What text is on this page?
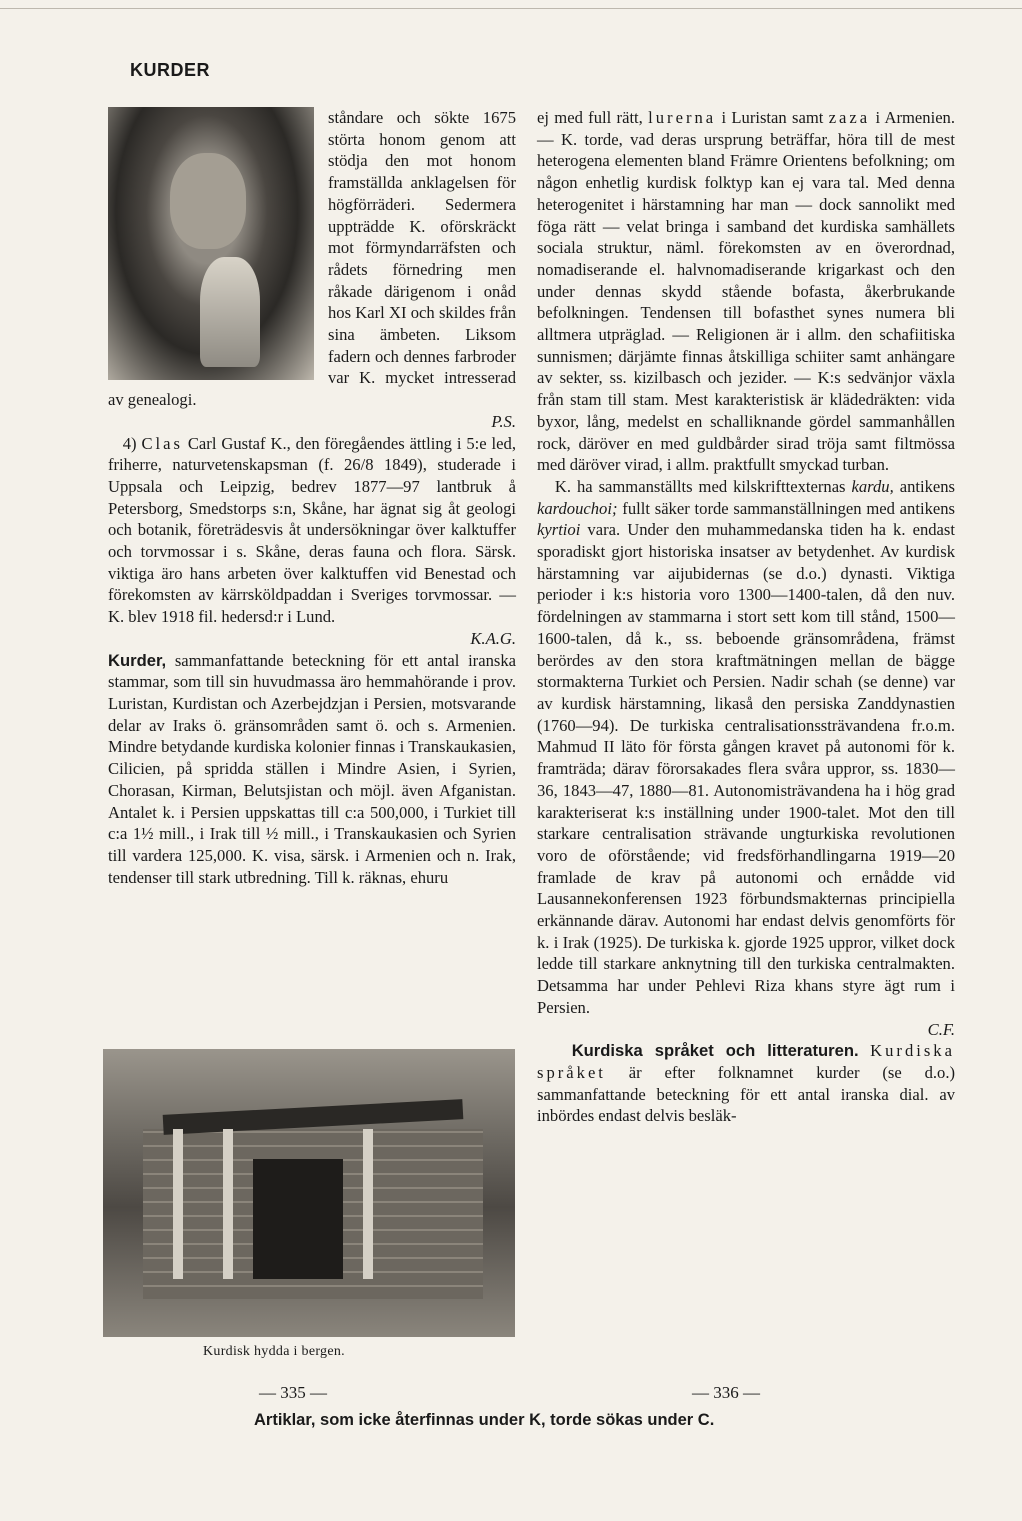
KURDER

ståndare och sökte 1675 störta honom genom att stödja den mot honom framställda anklagelsen för högförräderi. Sedermera uppträdde K. oförskräckt mot förmyndarräfsten och rådets förnedring men råkade därigenom i onåd hos Karl XI och skildes från sina ämbeten. Liksom fadern och dennes farbroder var K. mycket intresserad av genealogi.

P.S.

4) Clas Carl Gustaf K., den föregåendes ättling i 5:e led, friherre, naturvetenskapsman (f. 26/8 1849), studerade i Uppsala och Leipzig, bedrev 1877—97 lantbruk å Petersborg, Smedstorps s:n, Skåne, har ägnat sig åt geologi och botanik, företrädesvis åt undersökningar över kalktuffer och torvmossar i s. Skåne, deras fauna och flora. Särsk. viktiga äro hans arbeten över kalktuffen vid Benestad och förekomsten av kärrsköldpaddan i Sveriges torvmossar. — K. blev 1918 fil. hedersd:r i Lund.

K.A.G.

Kurder, sammanfattande beteckning för ett antal iranska stammar, som till sin huvudmassa äro hemmahörande i prov. Luristan, Kurdistan och Azerbejdzjan i Persien, motsvarande delar av Iraks ö. gränsområden samt ö. och s. Armenien. Mindre betydande kurdiska kolonier finnas i Transkaukasien, Cilicien, på spridda ställen i Mindre Asien, i Syrien, Chorasan, Kirman, Belutsjistan och möjl. även Afganistan. Antalet k. i Persien uppskattas till c:a 500,000, i Turkiet till c:a 1½ mill., i Irak till ½ mill., i Transkaukasien och Syrien till vardera 125,000. K. visa, särsk. i Armenien och n. Irak, tendenser till stark utbredning. Till k. räknas, ehuru

Kurdisk hydda i bergen.

ej med full rätt, lurerna i Luristan samt zaza i Armenien. — K. torde, vad deras ursprung beträffar, höra till de mest heterogena elementen bland Främre Orientens befolkning; om någon enhetlig kurdisk folktyp kan ej vara tal. Med denna heterogenitet i härstamning har man — dock sannolikt med föga rätt — velat bringa i samband det kurdiska samhällets sociala struktur, näml. förekomsten av en överordnad, nomadiserande el. halvnomadiserande krigarkast och den under dennas skydd stående bofasta, åkerbrukande befolkningen. Tendensen till bofasthet synes numera bli alltmera utpräglad. — Religionen är i allm. den schafiitiska sunnismen; därjämte finnas åtskilliga schiiter samt anhängare av sekter, ss. kizilbasch och jezider. — K:s sedvänjor växla från stam till stam. Mest karakteristisk är klädedräkten: vida byxor, lång, medelst en schalliknande gördel sammanhållen rock, däröver en med guldbårder sirad tröja samt filtmössa med däröver virad, i allm. praktfullt smyckad turban.

K. ha sammanställts med kilskrifttexternas kardu, antikens kardouchoi; fullt säker torde sammanställningen med antikens kyrtioi vara. Under den muhammedanska tiden ha k. endast sporadiskt gjort historiska insatser av betydenhet. Av kurdisk härstamning var aijubidernas (se d.o.) dynasti. Viktiga perioder i k:s historia voro 1300—1400-talen, då den nuv. fördelningen av stammarna i stort sett kom till stånd, 1500—1600-talen, då k., ss. beboende gränsområdena, främst berördes av den stora kraftmätningen mellan de bägge stormakterna Turkiet och Persien. Nadir schah (se denne) var av kurdisk härstamning, likaså den persiska Zanddynastien (1760—94). De turkiska centralisationssträvandena fr.o.m. Mahmud II läto för första gången kravet på autonomi för k. framträda; därav förorsakades flera svåra uppror, ss. 1830—36, 1843—47, 1880—81. Autonomisträvandena ha i hög grad karakteriserat k:s inställning under 1900-talet. Mot den till starkare centralisation strävande ungturkiska revolutionen voro de oförstående; vid fredsförhandlingarna 1919—20 framlade de krav på autonomi och ernådde vid Lausannekonferensen 1923 förbundsmakternas principiella erkännande därav. Autonomi har endast delvis genomförts för k. i Irak (1925). De turkiska k. gjorde 1925 uppror, vilket dock ledde till starkare anknytning till den turkiska centralmakten. Detsamma har under Pehlevi Riza khans styre ägt rum i Persien.

C.F.

Kurdiska språket och litteraturen. Kurdiska språket är efter folknamnet kurder (se d.o.) sammanfattande beteckning för ett antal iranska dial. av inbördes endast delvis besläk-

— 335 —	— 336 —
Artiklar, som icke återfinnas under K, torde sökas under C.
